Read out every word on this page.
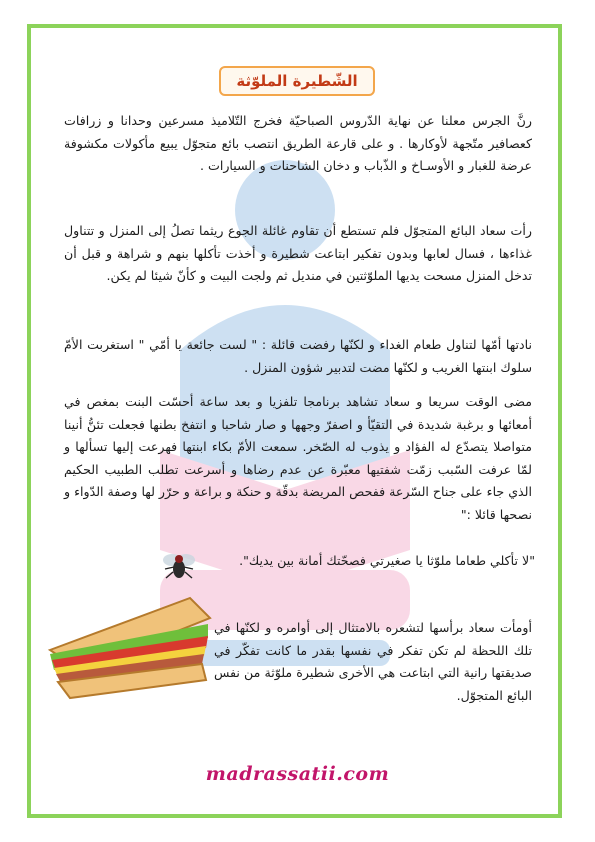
الشّطيرة الملوّثة

رنَّ الجرس معلنا عن نهاية الدّروس الصباحيّة فخرج التّلاميذ مسرعين وحدانا و زرافات كعصافير متّجهة لأوكارها . و على قارعة الطريق انتصب بائع متجوّل يبيع مأكولات مكشوفة عرضة للغبار و الأوسـاخ و الذّباب و دخان الشاحنات و السيارات .

رأت سعاد البائع المتجوّل فلم تستطع أن تقاوم غائلة الجوع ريثما تصلُ إلى المنزل و تتناول غذاءها ، فسال لعابها وبدون تفكير ابتاعت شطيرة و أخذت تأكلها بنهم و شراهة و قبل أن تدخل المنزل مسحت يديها الملوّثتين في منديل ثم ولجت البيت و كأنّ شيئا لم يكن.

نادتها أمّها لتناول طعام الغداء و لكنّها رفضت قائلة : " لست جائعة يا أمّي " استغربت الأمّ سلوك ابنتها الغريب و لكنّها مضت لتدبير شؤون المنزل .

مضى الوقت سريعا و سعاد تشاهد برنامجا تلفزيا و بعد ساعة أحسّت البنت بمغص في أمعائها و برغبة شديدة في التقيّأ و اصفرّ وجهها و صار شاحبا و انتفخ بطنها فجعلت تئنُّ أنينا متواصلا يتصدّع له الفؤاد و يذوب له الصّخر. سمعت الأمّ بكاء ابنتها فهرعت إليها تسألها و لمّا عرفت السّبب زمّت شفتيها معبّرة عن عدم رضاها و أسرعت تطلب الطبيب الحكيم الذي جاء على جناح السّرعة ففحص المريضة بدقّة و حنكة و براعة و حرّر لها وصفة الدّواء و نصحها قائلا :"

"لا تأكلي طعاما ملوّثا يا صغيرتي فصحّتك أمانة بين يديك".

أومأت سعاد برأسها لتشعره بالامتثال إلى أوامره و لكنّها في تلك اللحظة لم تكن تفكر في نفسها بقدر ما كانت تفكّر في صديقتها رانية التي ابتاعت هي الأخرى شطيرة ملوّثة من نفس البائع المتجوّل.

madrassatii.com
